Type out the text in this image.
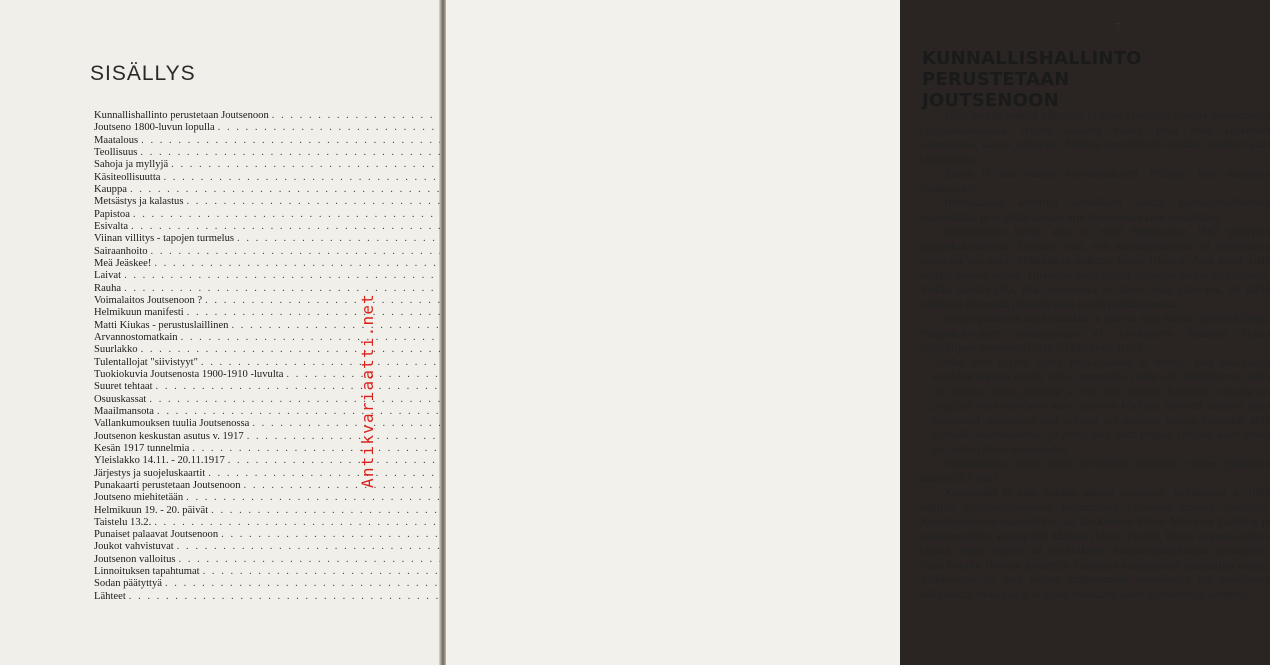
SISÄLLYS
Kunnallishallinto perustetaan Joutsenoon
. . .
Joutseno 1800-luvun lopulla
. . .
Maatalous
. . .
Teollisuus
. . .
Sahoja ja myllyjä
. . .
Käsiteollisuutta
. . .
Kauppa
. . .
Metsästys ja kalastus
. . .
Papistoa
. . .
Esivalta
. . .
Viinan villitys - tapojen turmelus
. . .
Sairaanhoito
. . .
Meä Jeäskee!
. . .
Laivat
. . .
Rauha
. . .
Voimalaitos Joutsenoon ?
. . .
Helmikuun manifesti
. . .
Matti Kiukas - perustuslaillinen
. . .
Arvannostomatkain
. . .
Suurlakko
. . .
Tulentallojat "siivistyyt"
. . .
Tuokiokuvia Joutsenosta 1900-1910 -luvulta
. . .
Suuret tehtaat
. . .
Osuuskassat
. . .
Maailmansota
. . .
Vallankumouksen tuulia Joutsenossa
. . .
Joutsenon keskustan asutus v. 1917
. . .
Kesän 1917 tunnelmia
. . .
Yleislakko 14.11. - 20.11.1917
. . .
Järjestys ja suojeluskaartit
. . .
Punakaarti perustetaan Joutsenoon
. . .
Joutseno miehitetään
. . .
Helmikuun 19. - 20. päivät
. . .
Taistelu 13.2.
. . .
Punaiset palaavat Joutsenoon
. . .
Joukot vahvistuvat
. . .
Joutsenon valloitus
. . .
Linnoituksen tapahtumat
. . .
Sodan päätyttyä
. . .
Lähteet
. . .
7
KUNNALLISHALLINTO
PERUSTETAAN JOUTSENOON

1860-luvulle saakka päätettiin pitäjien yhteisistä asioista seurakuntien pitäjänkokouksissa. Niiden asioiden määrä, jotka eivät koskeneet seurakuntaa, kasvoi jatkuvasti. Nähtiin tarpeelliseksi erottaa maalliset asiat kirkollisista.

Kansa ei tätä ottanut ymmärtääkseen. Pelättiin vain maksujen lisääntyvän.

Helmikuussa annettiin armollinen asetus kunnallishallinnosta maaseudulla ja se yllätti kansan niin Joutsenossa kuin muuallakin.

Ensimmäisen kerran asia oli esillä heinäkuussa 1867 pidetyssä pitäjänkokouksessa. Esivalta vaati, että kunnallishallinto oli toteutettava kolmessa vuodessa. Määräaikaa pidettiin kovin lyhyenä. Asia sattui vielä erittäin pahaan aikaan. Olivathan juuri käsillä viimeiset suuret nälkävuodet. Vaikka näyttää siltä, että Joutsenossa ei tilanne ollut pahimpia, oli täällä riittävästi tekemistä jokapäiväisen leivän hankkimisessa.

Niinpä päätettiin anoa lisäaikaa ja päteviä syitä kansan mielestä löytyi. Pitäjänkokouksen puheenjohtaja v.t. kirkkoherra Relander kirjasi pöytäkirjaan seuraavan listan lykkäämisen syistä:

"1seksi ettei nykyen löytyy pitäjässämme ei herras- eikä talonpojan säädyssä sopivia henkiä siihen ammattiin 2seksi että kirkkoherran virka on avoinna tässä pitäjässä ja 3ksi että viimein kuluneina vuosina on pitäjässä ollut vallitseva suuri, painava köyhyys, niin että ulosteot jotka luultavasti seuraisivat tätä laitosta nyt tulisivat sangen raskaiksi tälle köyhälle seurakunnalle; ja paitsi tätä ovat pitäjän yhteiset asiat tähän asti tulleet hyvin toimitetuiksi."

Pitäjänkokous toivoi näillä perusteilla seitsemän vuoden lykkäystä alkaen 28.7.1867.

Kuvernööri ei näin pitkään aikaan suostunut. Syyskuussa v. 1869 valittiin pitäjänkokouksessa ensimmäiset Joutsenon kunnan virkailijat. Kuntakokouksen esimieheksi tuli kirkkoherra Viktor Mortimer Gadding ja varaesimieheksi kirjanpitäjä Mathias (Matti) Pöyhiä. Hänen veljensä Juhana (Johan, Juho) Pöyhiä sai tehtäväkseen kunnallislautakunnan johtamisen. Näin Wärrön Hovista johdettiin Joutsenon ensimmäisiä kunnallisia toimia. Kirkkoherra oli taas sopiva luottasaaman seurakuntaa irti maallisesta hallinnosta, vaikka se ei helppoa ollutkaan, kuten myöhemmin näemme.

Antikvariaatti.net
